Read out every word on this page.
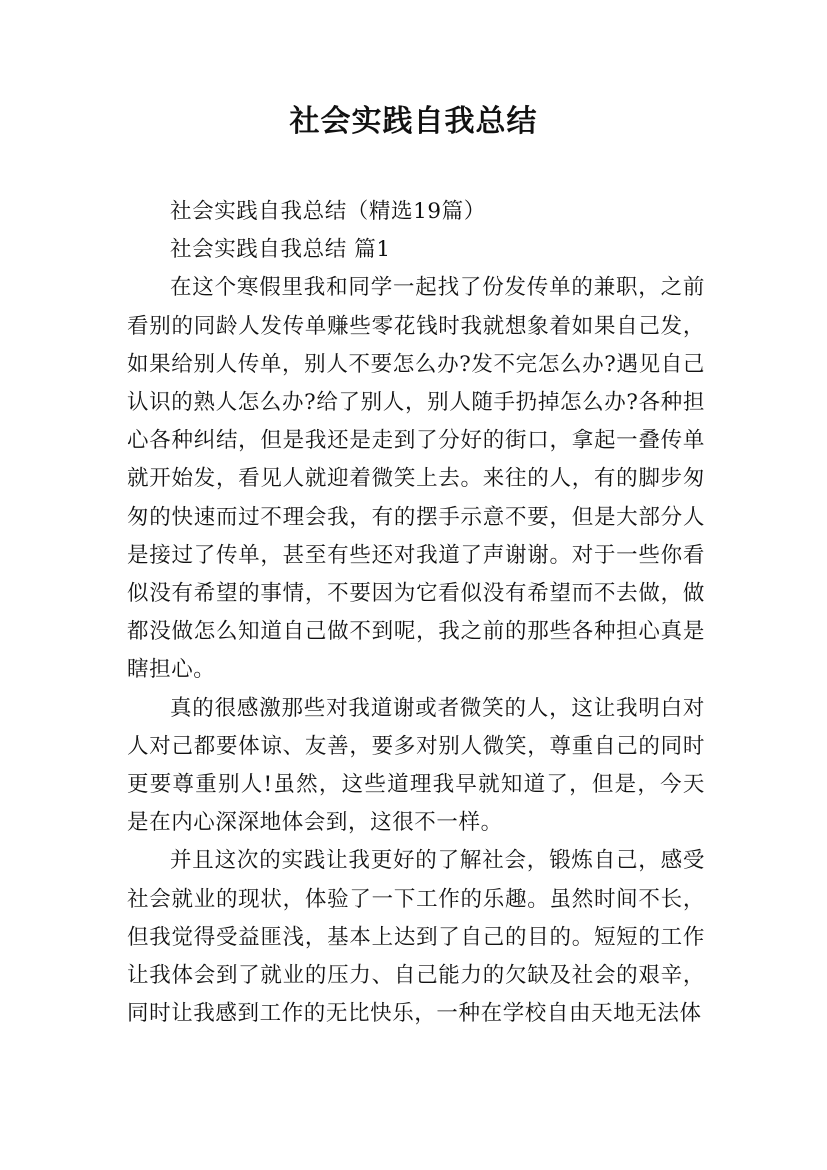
社会实践自我总结

社会实践自我总结（精选19篇）

社会实践自我总结 篇1

在这个寒假里我和同学一起找了份发传单的兼职，之前看别的同龄人发传单赚些零花钱时我就想象着如果自己发，如果给别人传单，别人不要怎么办?发不完怎么办?遇见自己认识的熟人怎么办?给了别人，别人随手扔掉怎么办?各种担心各种纠结，但是我还是走到了分好的街口，拿起一叠传单就开始发，看见人就迎着微笑上去。来往的人，有的脚步匆匆的快速而过不理会我，有的摆手示意不要，但是大部分人是接过了传单，甚至有些还对我道了声谢谢。对于一些你看似没有希望的事情，不要因为它看似没有希望而不去做，做都没做怎么知道自己做不到呢，我之前的那些各种担心真是瞎担心。

真的很感激那些对我道谢或者微笑的人，这让我明白对人对己都要体谅、友善，要多对别人微笑，尊重自己的同时更要尊重别人!虽然，这些道理我早就知道了，但是，今天是在内心深深地体会到，这很不一样。

并且这次的实践让我更好的了解社会，锻炼自己，感受社会就业的现状，体验了一下工作的乐趣。虽然时间不长，但我觉得受益匪浅，基本上达到了自己的目的。短短的工作让我体会到了就业的压力、自己能力的欠缺及社会的艰辛，同时让我感到工作的无比快乐，一种在学校自由天地无法体
